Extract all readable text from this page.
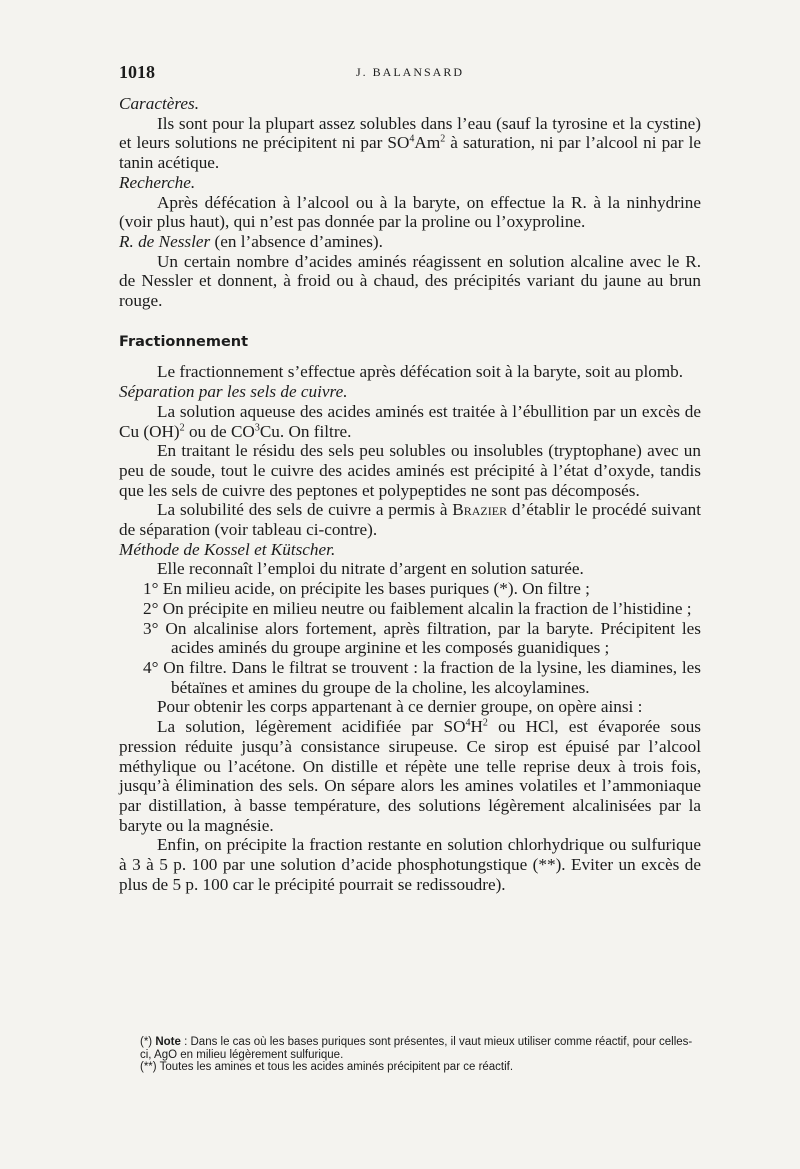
1018	J. BALANSARD

Caractères.

Ils sont pour la plupart assez solubles dans l’eau (sauf la tyrosine et la cystine) et leurs solutions ne précipitent ni par $SO^4Am^2$ à saturation, ni par l’alcool ni par le tanin acétique.

Recherche.

Après défécation à l’alcool ou à la baryte, on effectue la R. à la ninhydrine (voir plus haut), qui n’est pas donnée par la proline ou l’oxyproline.

R. de Nessler (en l’absence d’amines).

Un certain nombre d’acides aminés réagissent en solution alcaline avec le R. de Nessler et donnent, à froid ou à chaud, des précipités variant du jaune au brun rouge.

Fractionnement

Le fractionnement s’effectue après défécation soit à la baryte, soit au plomb.

Séparation par les sels de cuivre.

La solution aqueuse des acides aminés est traitée à l’ébullition par un excès de Cu (OH)$^2$ ou de $CO^3Cu$. On filtre.

En traitant le résidu des sels peu solubles ou insolubles (tryptophane) avec un peu de soude, tout le cuivre des acides aminés est précipité à l’état d’oxyde, tandis que les sels de cuivre des peptones et polypeptides ne sont pas décomposés.

La solubilité des sels de cuivre a permis à Brazier d’établir le procédé suivant de séparation (voir tableau ci-contre).

Méthode de Kossel et Kütscher.

Elle reconnaît l’emploi du nitrate d’argent en solution saturée.

1° En milieu acide, on précipite les bases puriques (*). On filtre ;

2° On précipite en milieu neutre ou faiblement alcalin la fraction de l’histidine ;

3° On alcalinise alors fortement, après filtration, par la baryte. Précipitent les acides aminés du groupe arginine et les composés guanidiques ;

4° On filtre. Dans le filtrat se trouvent : la fraction de la lysine, les diamines, les bétaïnes et amines du groupe de la choline, les alcoylamines.

Pour obtenir les corps appartenant à ce dernier groupe, on opère ainsi :

La solution, légèrement acidifiée par $SO^4H^2$ ou HCl, est évaporée sous pression réduite jusqu’à consistance sirupeuse. Ce sirop est épuisé par l’alcool méthylique ou l’acétone. On distille et répète une telle reprise deux à trois fois, jusqu’à élimination des sels. On sépare alors les amines volatiles et l’ammoniaque par distillation, à basse température, des solutions légèrement alcalinisées par la baryte ou la magnésie.

Enfin, on précipite la fraction restante en solution chlorhydrique ou sulfurique à 3 à 5 p. 100 par une solution d’acide phosphotungstique (**). Eviter un excès de plus de 5 p. 100 car le précipité pourrait se redissoudre).

(*) Note : Dans le cas où les bases puriques sont présentes, il vaut mieux utiliser comme réactif, pour celles-ci, AgO en milieu légèrement sulfurique.

(**) Toutes les amines et tous les acides aminés précipitent par ce réactif.
